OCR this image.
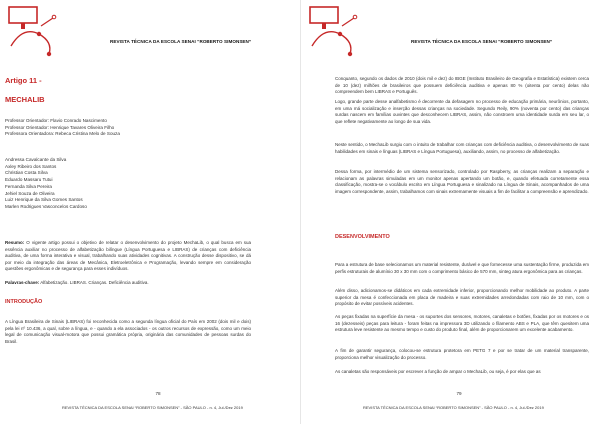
REVISTA TÉCNICA DA ESCOLA SENAI “ROBERTO SIMONSEN”
Artigo 11 -
MECHALIB
Professor Orientador: Flavio Conrado Nascimento
Professor Orientador: Henrique Tavares Oliveira Filho
Professora Orientadora: Rebeca Cristina Melo de Souza
Andressa Cavalcante da Silva
Axley Ribeiro dos Santos
Christian Costa Silva
Eduardo Massaru Tutui
Fernanda Silva Pereira
Jehiel Souza de Oliveira
Luiz Henrique da Silva Gomes Santos
Marlen Rodrigues Vasconcelos Cardoso
Resumo: O vigente artigo possui o objetivo de relatar o desenvolvimento do projeto MechaLib, o qual busca em sua essência auxiliar no processo de alfabetização bilíngue (Língua Portuguesa e LIBRAS) de crianças com deficiência auditiva, de uma forma interativa e visual, trabalhando suas atividades cognitivas. A construção desse dispositivo, se dá por meio da integração das áreas de Mecânica, Eletroeletrônica e Programação, levando sempre em consideração questões ergonômicas e de segurança para esses indivíduos.
Palavras-chave: Alfabetização. LIBRAS. Crianças. Deficiência auditiva.
INTRODUÇÃO
A Língua Brasileira de Sinais (LIBRAS) foi reconhecida como a segunda língua oficial do País em 2002 (dois mil e dois) pela lei nº 10.436, a qual, sobre a língua, e - quando a ela associados - os outros recursos de expressão, como um meio legal de comunicação visual-motora que possui gramática própria, originária das comunidades de pessoas surdas do Brasil.
78
REVISTA TÉCNICA DA ESCOLA SENAI “ROBERTO SIMONSEN” - SÃO PAULO - n. 4, Jul./Dez 2019
REVISTA TÉCNICA DA ESCOLA SENAI “ROBERTO SIMONSEN”
Conquanto, segundo os dados de 2010 (dois mil e dez) do IBGE (Instituto Brasileiro de Geografia e Estatística) existem cerca de 10 (dez) milhões de brasileiros que possuem deficiência auditiva e apenas 80 % (oitenta por cento) delas não compreendem bem LIBRAS e Português.
Logo, grande parte desse analfabetismo é decorrente da defasagem no processo de educação primária, neurônios, portanto, em uma má socialização e inserção dessas crianças na sociedade. Segundo Reily, 90% (noventa por cento) das crianças surdas nascem em famílias ouvintes que desconhecem LIBRAS, assim, não constroem uma identidade surda em seu lar, o que reflete negativamente ao longo de sua vida.
Neste sentido, o MechaLib surgiu com o intuito de trabalhar com crianças com deficiência auditiva, o desenvolvimento de suas habilidades em sinais e línguas (LIBRAS e Língua Portuguesa), auxiliando, assim, no processo de alfabetização.
Dessa forma, por intermédio de um sistema sensorizado, controlado por Raspberry, as crianças realizam a separação e relacionam as palavras simuladas em um monitor apenas apertando um botão, e, quando efetuada corretamente essa classificação, mostra-se o vocábulo escrito em Língua Portuguesa e sinalizado na Língua de Sinais, acompanhados de uma imagem correspondente, assim, trabalhamos com sinais extremamente visuais a fim de facilitar a compreensão e aprendizado.
DESENVOLVIMENTO
Para a estrutura de base selecionamos um material resistente, durável e que fornecesse uma sustentação firme, produzida em perfis estruturais de alumínio 30 x 30 mm com o comprimento básico de 570 mm, sinteg atura ergonômica para as crianças.
Além disso, adicionamos-se didáticos em cada extremidade inferior, proporcionando melhor mobilidade ao produto. A parte superior da mesa é confeccionada em placa de madeira e suas extremidades arredondadas com raio de 10 mm, com o propósito de evitar possíveis acidentes.
As peças fixadas na superfície da mesa - os suportes dos sensores, motores, canaletas e botões, fixadas por os motores e os 16 (dezesseis) peças para leitura - foram feitas na impressora 3D utilizando o filamento ABS e PLA, que têm quesitem uma estrutura leve resistente ao mesmo tempo e custo do produto final, além de proporcionarem um excelente acabamento.
A fim de garantir segurança, colocou-se estrutura protetora em PETG 7 e por se tratar de um material transparente, proporciona melhor visualização do processo.
As canaletas são responsáveis por escrever a função de ampar o MechaLib, ou seja, é por elas que as
79
REVISTA TÉCNICA DA ESCOLA SENAI “ROBERTO SIMONSEN” - SÃO PAULO - n. 4, Jul./Dez 2019
